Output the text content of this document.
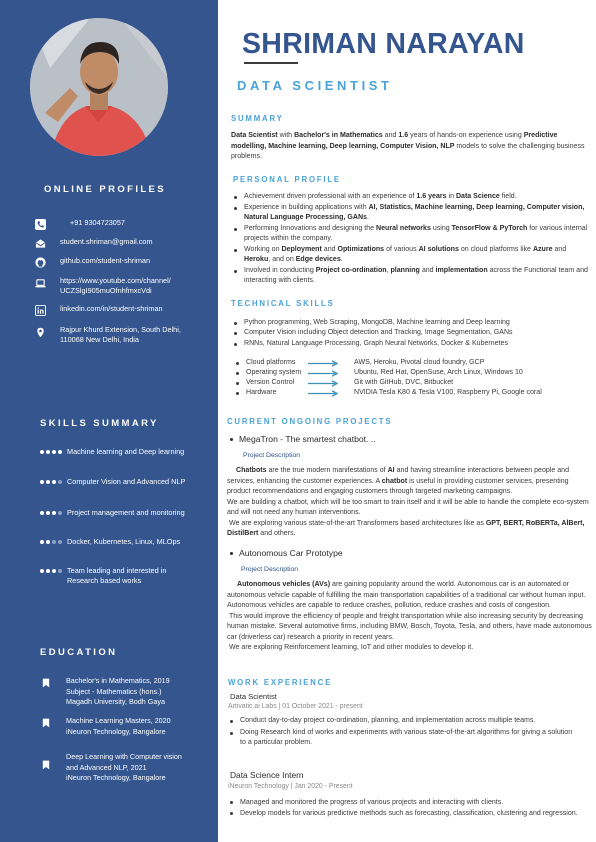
ONLINE PROFILES
+91 9304723057
student.shriman@gmail.com
github.com/student-shriman
https://www.youtube.com/channel/
UCZSlgI905muOfnhfmxcVdi
linkedin.com/in/student-shriman
Rajpur Khurd Extension, South Delhi,
110068 New Delhi, India
SKILLS SUMMARY
Machine learning and Deep learning
Computer Vision and Advanced NLP
Project management and monitoring
Docker, Kubernetes, Linux, MLOps
Team leading and interested in
Research based works
EDUCATION
Bachelor's in Mathematics, 2019
Subject - Mathematics (hons.)
Magadh University, Bodh Gaya
Machine Learning Masters, 2020
iNeuron Technology, Bangalore
Deep Learning with Computer vision
and Advanced NLP, 2021
iNeuron Technology, Bangalore
SHRIMAN NARAYAN
DATA SCIENTIST
SUMMARY
Data Scientist with Bachelor's in Mathematics and 1.6 years of hands-on experience using Predictive modelling, Machine learning, Deep learning, Computer Vision, NLP models to solve the challenging business problems.
PERSONAL PROFILE
Achievement driven professional with an experience of 1.6 years in Data Science field.
Experience in building applications with AI, Statistics, Machine learning, Deep learning, Computer vision, Natural Language Processing, GANs.
Performing Innovations and designing the Neural networks using TensorFlow & PyTorch for various internal projects within the company.
Working on Deployment and Optimizations of various AI solutions on cloud platforms like Azure and Heroku, and on Edge devices.
Involved in conducting Project co-ordination, planning and implementation across the Functional team and interacting with clients.
TECHNICAL SKILLS
Python programming, Web Scraping, MongoDB, Machine learning and Deep learning
Computer Vision including Object detection and Tracking, Image Segmentation, GANs
RNNs, Natural Language Processing, Graph Neural Networks, Docker & Kubernetes
Cloud platforms	AWS, Heroku, Pivotal cloud foundry, GCP
Operating system	Ubuntu, Red Hat, OpenSuse, Arch Linux, Windows 10
Version Control	Git with GitHub, DVC, Bitbucket
Hardware	NVIDIA Tesla K80 & Tesla V100, Raspberry Pi, Google coral
CURRENT ONGOING PROJECTS
MegaTron - The smartest chatbot. ..
Project Description
Chatbots are the true modern manifestations of AI and having streamline interactions between people and services, enhancing the customer experiences. A chatbot is useful in providing customer services, presenting product recommendations and engaging customers through targeted marketing campaigns.
We are building a chatbot, which will be too smart to train itself and it will be able to handle the complete eco-system and will not need any human interventions.
We are exploring various state-of-the-art Transformers based architectures like as GPT, BERT, RoBERTa, AlBert, DistilBert and others.
Autonomous Car Prototype
Project Description
Autonomous vehicles (AVs) are gaining popularity around the world. Autonomous car is an automated or autonomous vehicle capable of fulfilling the main transportation capabilities of a traditional car without human input. Autonomous vehicles are capable to reduce crashes, pollution, reduce crashes and costs of congestion.
This would improve the efficiency of people and freight transportation while also increasing security by decreasing human mistake. Several automotive firms, including BMW, Bosch, Toyota, Tesla, and others, have made autonomous car (driverless car) research a priority in recent years.
We are exploring Reinforcement learning, IoT and other modules to develop it.
WORK EXPERIENCE
Data Scientist
Artivatic.ai Labs | 01 October 2021 - present
Conduct day-to-day project co-ordination, planning, and implementation across multiple teams.
Doing Research kind of works and experiments with various state-of-the-art algorithms for giving a solution to a particular problem.
Data Science Intern
iNeuron Technology | Jan 2020 - Present
Managed and monitored the progress of various projects and interacting with clients.
Develop models for various predictive methods such as forecasting, classification, clustering and regression.
